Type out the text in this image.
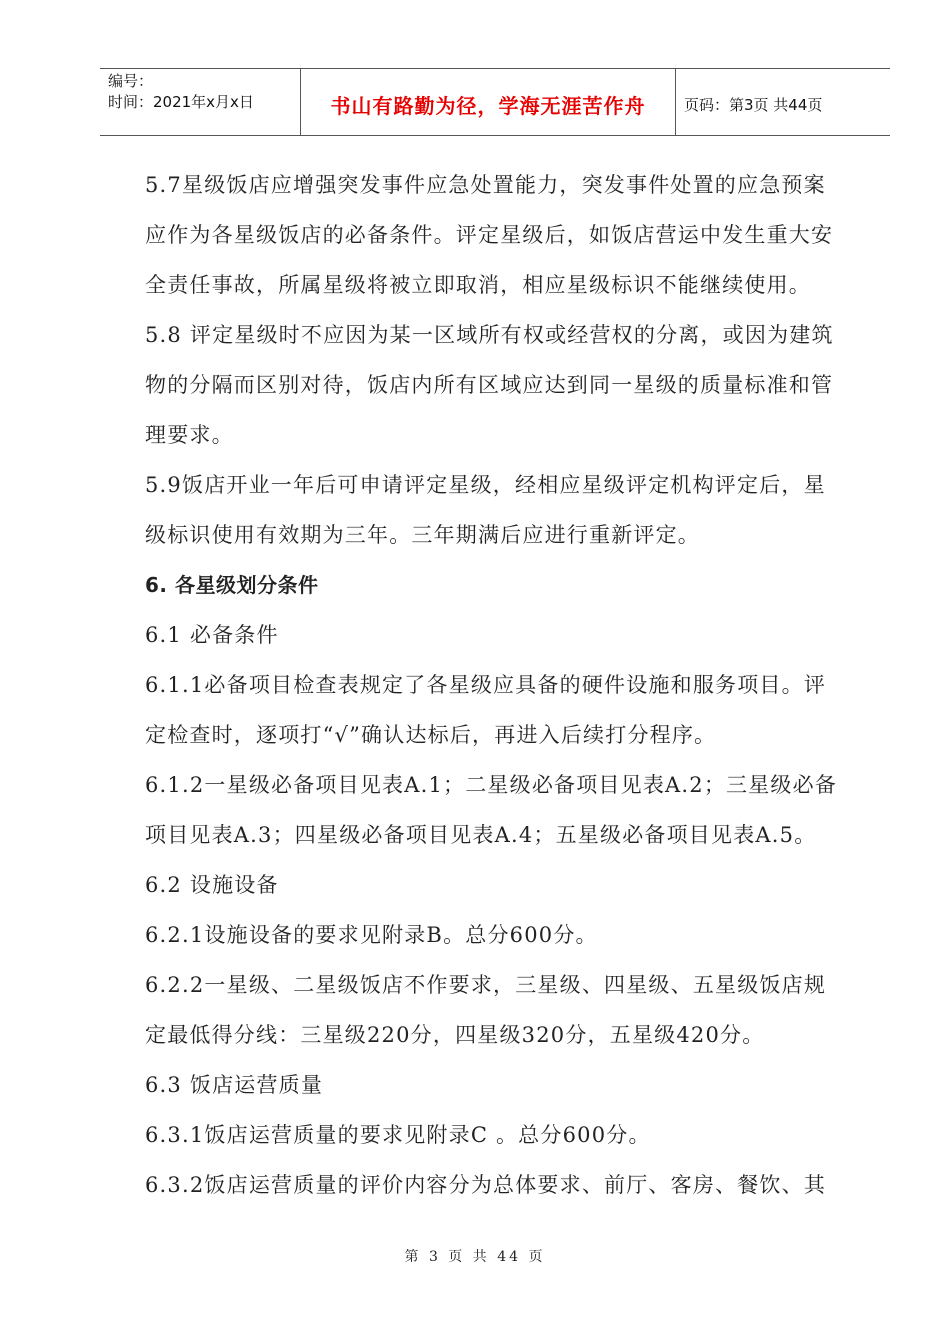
编号：
时间：2021年x月x日	书山有路勤为径，学海无涯苦作舟	页码：第3页 共44页

5.7星级饭店应增强突发事件应急处置能力，突发事件处置的应急预案

应作为各星级饭店的必备条件。评定星级后，如饭店营运中发生重大安

全责任事故，所属星级将被立即取消，相应星级标识不能继续使用。

5.8 评定星级时不应因为某一区域所有权或经营权的分离，或因为建筑

物的分隔而区别对待，饭店内所有区域应达到同一星级的质量标准和管

理要求。

5.9饭店开业一年后可申请评定星级，经相应星级评定机构评定后，星

级标识使用有效期为三年。三年期满后应进行重新评定。

6. 各星级划分条件

6.1 必备条件

6.1.1必备项目检查表规定了各星级应具备的硬件设施和服务项目。评

定检查时，逐项打“√”确认达标后，再进入后续打分程序。

6.1.2一星级必备项目见表A.1；二星级必备项目见表A.2；三星级必备

项目见表A.3；四星级必备项目见表A.4；五星级必备项目见表A.5。

6.2 设施设备

6.2.1设施设备的要求见附录B。总分600分。

6.2.2一星级、二星级饭店不作要求，三星级、四星级、五星级饭店规

定最低得分线：三星级220分，四星级320分，五星级420分。

6.3 饭店运营质量

6.3.1饭店运营质量的要求见附录C 。总分600分。

6.3.2饭店运营质量的评价内容分为总体要求、前厅、客房、餐饮、其

第 3 页 共 44 页
